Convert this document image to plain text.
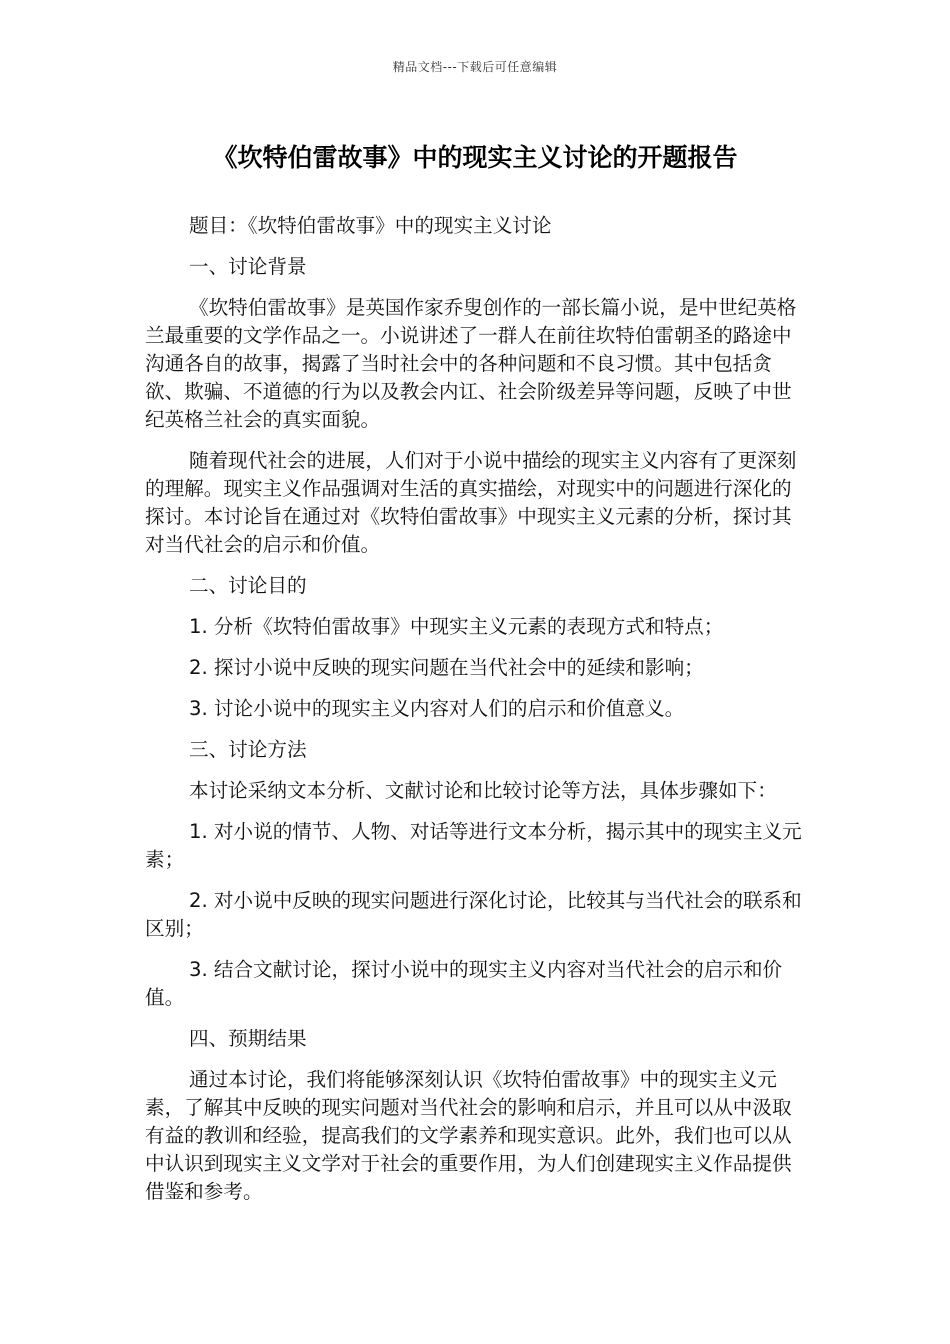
精品文档---下载后可任意编辑
《坎特伯雷故事》中的现实主义讨论的开题报告

题目：《坎特伯雷故事》中的现实主义讨论

一、讨论背景

《坎特伯雷故事》是英国作家乔叟创作的一部长篇小说，是中世纪英格兰最重要的文学作品之一。小说讲述了一群人在前往坎特伯雷朝圣的路途中沟通各自的故事，揭露了当时社会中的各种问题和不良习惯。其中包括贪欲、欺骗、不道德的行为以及教会内讧、社会阶级差异等问题，反映了中世纪英格兰社会的真实面貌。

随着现代社会的进展，人们对于小说中描绘的现实主义内容有了更深刻的理解。现实主义作品强调对生活的真实描绘，对现实中的问题进行深化的探讨。本讨论旨在通过对《坎特伯雷故事》中现实主义元素的分析，探讨其对当代社会的启示和价值。

二、讨论目的

1. 分析《坎特伯雷故事》中现实主义元素的表现方式和特点；

2. 探讨小说中反映的现实问题在当代社会中的延续和影响；

3. 讨论小说中的现实主义内容对人们的启示和价值意义。

三、讨论方法

本讨论采纳文本分析、文献讨论和比较讨论等方法，具体步骤如下：

1. 对小说的情节、人物、对话等进行文本分析，揭示其中的现实主义元素；

2. 对小说中反映的现实问题进行深化讨论，比较其与当代社会的联系和区别；

3. 结合文献讨论，探讨小说中的现实主义内容对当代社会的启示和价值。

四、预期结果

通过本讨论，我们将能够深刻认识《坎特伯雷故事》中的现实主义元素，了解其中反映的现实问题对当代社会的影响和启示，并且可以从中汲取有益的教训和经验，提高我们的文学素养和现实意识。此外，我们也可以从中认识到现实主义文学对于社会的重要作用，为人们创建现实主义作品提供借鉴和参考。
